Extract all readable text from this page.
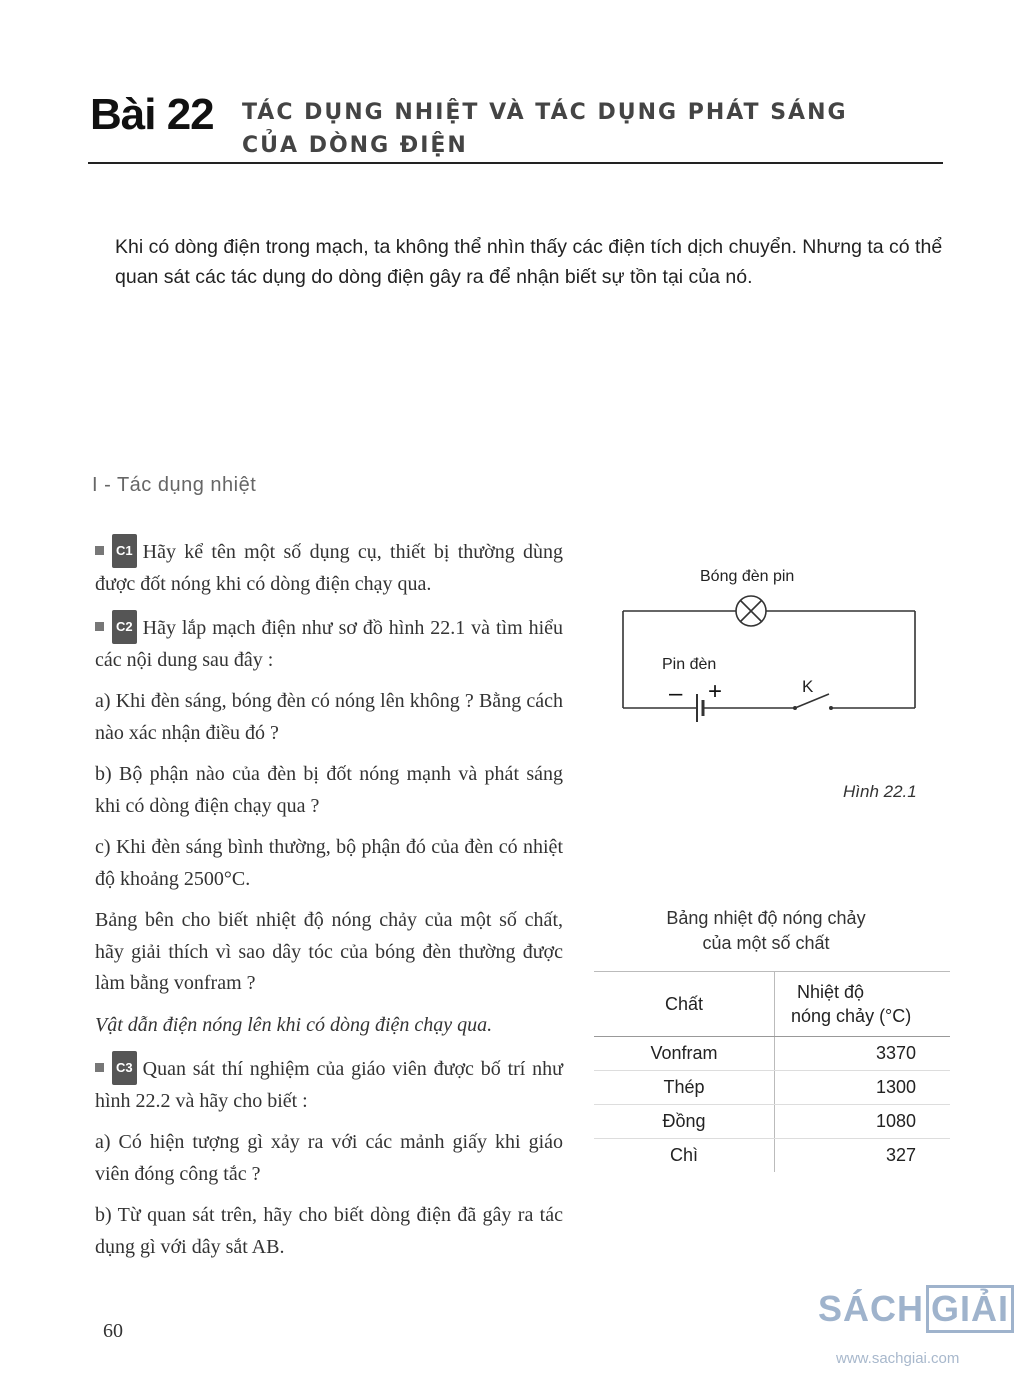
Bài 22 TÁC DỤNG NHIỆT VÀ TÁC DỤNG PHÁT SÁNG
CỦA DÒNG ĐIỆN
Khi có dòng điện trong mạch, ta không thể nhìn thấy các điện tích dịch chuyển. Nhưng ta có thể quan sát các tác dụng do dòng điện gây ra để nhận biết sự tồn tại của nó.
I - Tác dụng nhiệt

C1 Hãy kể tên một số dụng cụ, thiết bị thường dùng được đốt nóng khi có dòng điện chạy qua.

C2 Hãy lắp mạch điện như sơ đồ hình 22.1 và tìm hiểu các nội dung sau đây :

a) Khi đèn sáng, bóng đèn có nóng lên không ? Bằng cách nào xác nhận điều đó ?

b) Bộ phận nào của đèn bị đốt nóng mạnh và phát sáng khi có dòng điện chạy qua ?

c) Khi đèn sáng bình thường, bộ phận đó của đèn có nhiệt độ khoảng 2500°C.

Bảng bên cho biết nhiệt độ nóng chảy của một số chất, hãy giải thích vì sao dây tóc của bóng đèn thường được làm bằng vonfram ?

Vật dẫn điện nóng lên khi có dòng điện chạy qua.

C3 Quan sát thí nghiệm của giáo viên được bố trí như hình 22.2 và hãy cho biết :

a) Có hiện tượng gì xảy ra với các mảnh giấy khi giáo viên đóng công tắc ?

b) Từ quan sát trên, hãy cho biết dòng điện đã gây ra tác dụng gì với dây sắt AB.

Bóng đèn pin
Pin đèn
– +	K
Hình 22.1
Bảng nhiệt độ nóng chảy
của một số chất
Chất	Nhiệt độ
nóng chảy (°C)

Vonfram	3370
Thép	1300
Đồng	1080
Chì	327
60
SÁCH GIẢI
www.sachgiai.com
